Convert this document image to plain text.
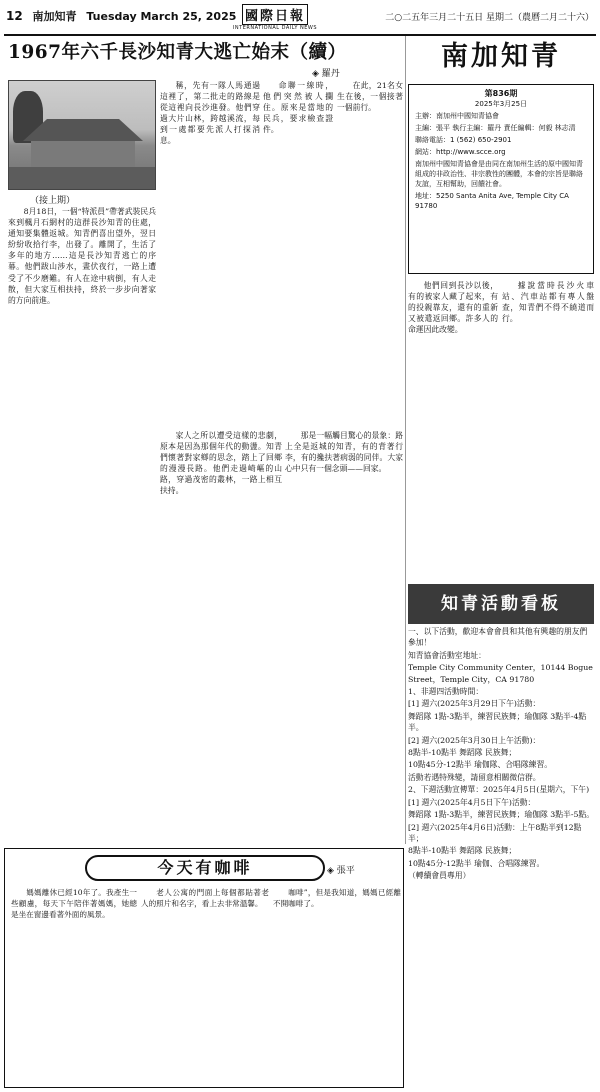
12 南加知青 Tuesday March 25, 2025 國際日報
INTERNATIONAL DAILY NEWS
二○二五年三月二十五日 星期二（農曆二月二十六）
1967年六千長沙知青大逃亡始末（續）
◈ 羅丹
（接上期）
稱，先有一隊人馬通過這裡了，第二批走的路線是從這裡向長沙進發。他們穿過大片山林，跨越溪流，每到一處都要先派人打探消息。
命聯一線時，他們突然被人攔住。原來是當地的民兵，要求檢查證件。
在此，21名女生在後，一個接著一個前行。
8月18日，一個“特派員”帶著武裝民兵來到楓月石網村的這群長沙知青的住處，通知要集體返城。知青們喜出望外，翌日紛紛收拾行李，出發了。離開了，生活了多年的地方……這是長沙知青逃亡的序幕。他們跋山涉水，晝伏夜行，一路上遭受了不少磨難。有人在途中病倒，有人走散，但大家互相扶持，終於一步步向著家的方向前進。
家人之所以遭受這樣的悲劇，原本是因為那個年代的動盪。知青們懷著對家鄉的思念，踏上了回鄉的漫漫長路。他們走過崎嶇的山路，穿過茂密的叢林，一路上相互扶持。
那是一幅觸目驚心的景象：路上全是返城的知青，有的背著行李，有的攙扶著病弱的同伴。大家心中只有一個念頭——回家。
南加知青
第836期
2025年3月25日

主辦：南加州中國知青協會

主編：張平 執行主編：羅丹 責任編輯：何毅 林志清

聯絡電話：1 (562) 650-2901

網站：http://www.scce.org

南加州中國知青協會是由同在南加州生活的原中國知青組成的非政治性、非宗教性的團體，本會的宗旨是聯絡友誼，互相幫助，回饋社會。

地址：5250 Santa Anita Ave, Temple City CA 91780

他們回到長沙以後，有的被家人藏了起來，有的投親靠友，還有的重新又被遣返回鄉。許多人的命運因此改變。
據說當時長沙火車站、汽車站都有專人盤查，知青們不得不繞道而行。
知青活動看板
一、以下活動，歡迎本會會員和其他有興趣的朋友們參加！
知青協會活動室地址：
Temple City Community Center，10144 Bogue Street，Temple City，CA 91780
1、非週四活動時間：
[1] 週六(2025年3月29日下午)活動：
舞蹈隊 1點-3點半，練習民族舞；瑜伽隊 3點半-4點半。
[2] 週六(2025年3月30日上午活動)：
8點半-10點半 舞蹈隊 民族舞；
10點45分-12點半 瑜伽隊、合唱隊練習。
活動若遇特殊變，請留意相關微信群。
2、下週活動宣傳單：2025年4月5日(星期六，下午)
[1] 週六(2025年4月5日下午)活動：
舞蹈隊 1點-3點半，練習民族舞；瑜伽隊 3點半-5點。
[2] 週六(2025年4月6日)活動：上午8點半到12點半；
8點半-10點半 舞蹈隊 民族舞；
10點45分-12點半 瑜伽、合唱隊練習。
（轉續會員專用）
今天有咖啡	◈ 張平
媽媽離休已經10年了。我產生一些顧慮，每天下午陪伴著媽媽，她總是坐在窗邊看著外面的風景。
老人公寓的門面上每個都貼著老人的照片和名字，看上去非常溫馨。
咖啡”，但是我知道，媽媽已經離不開咖啡了。
